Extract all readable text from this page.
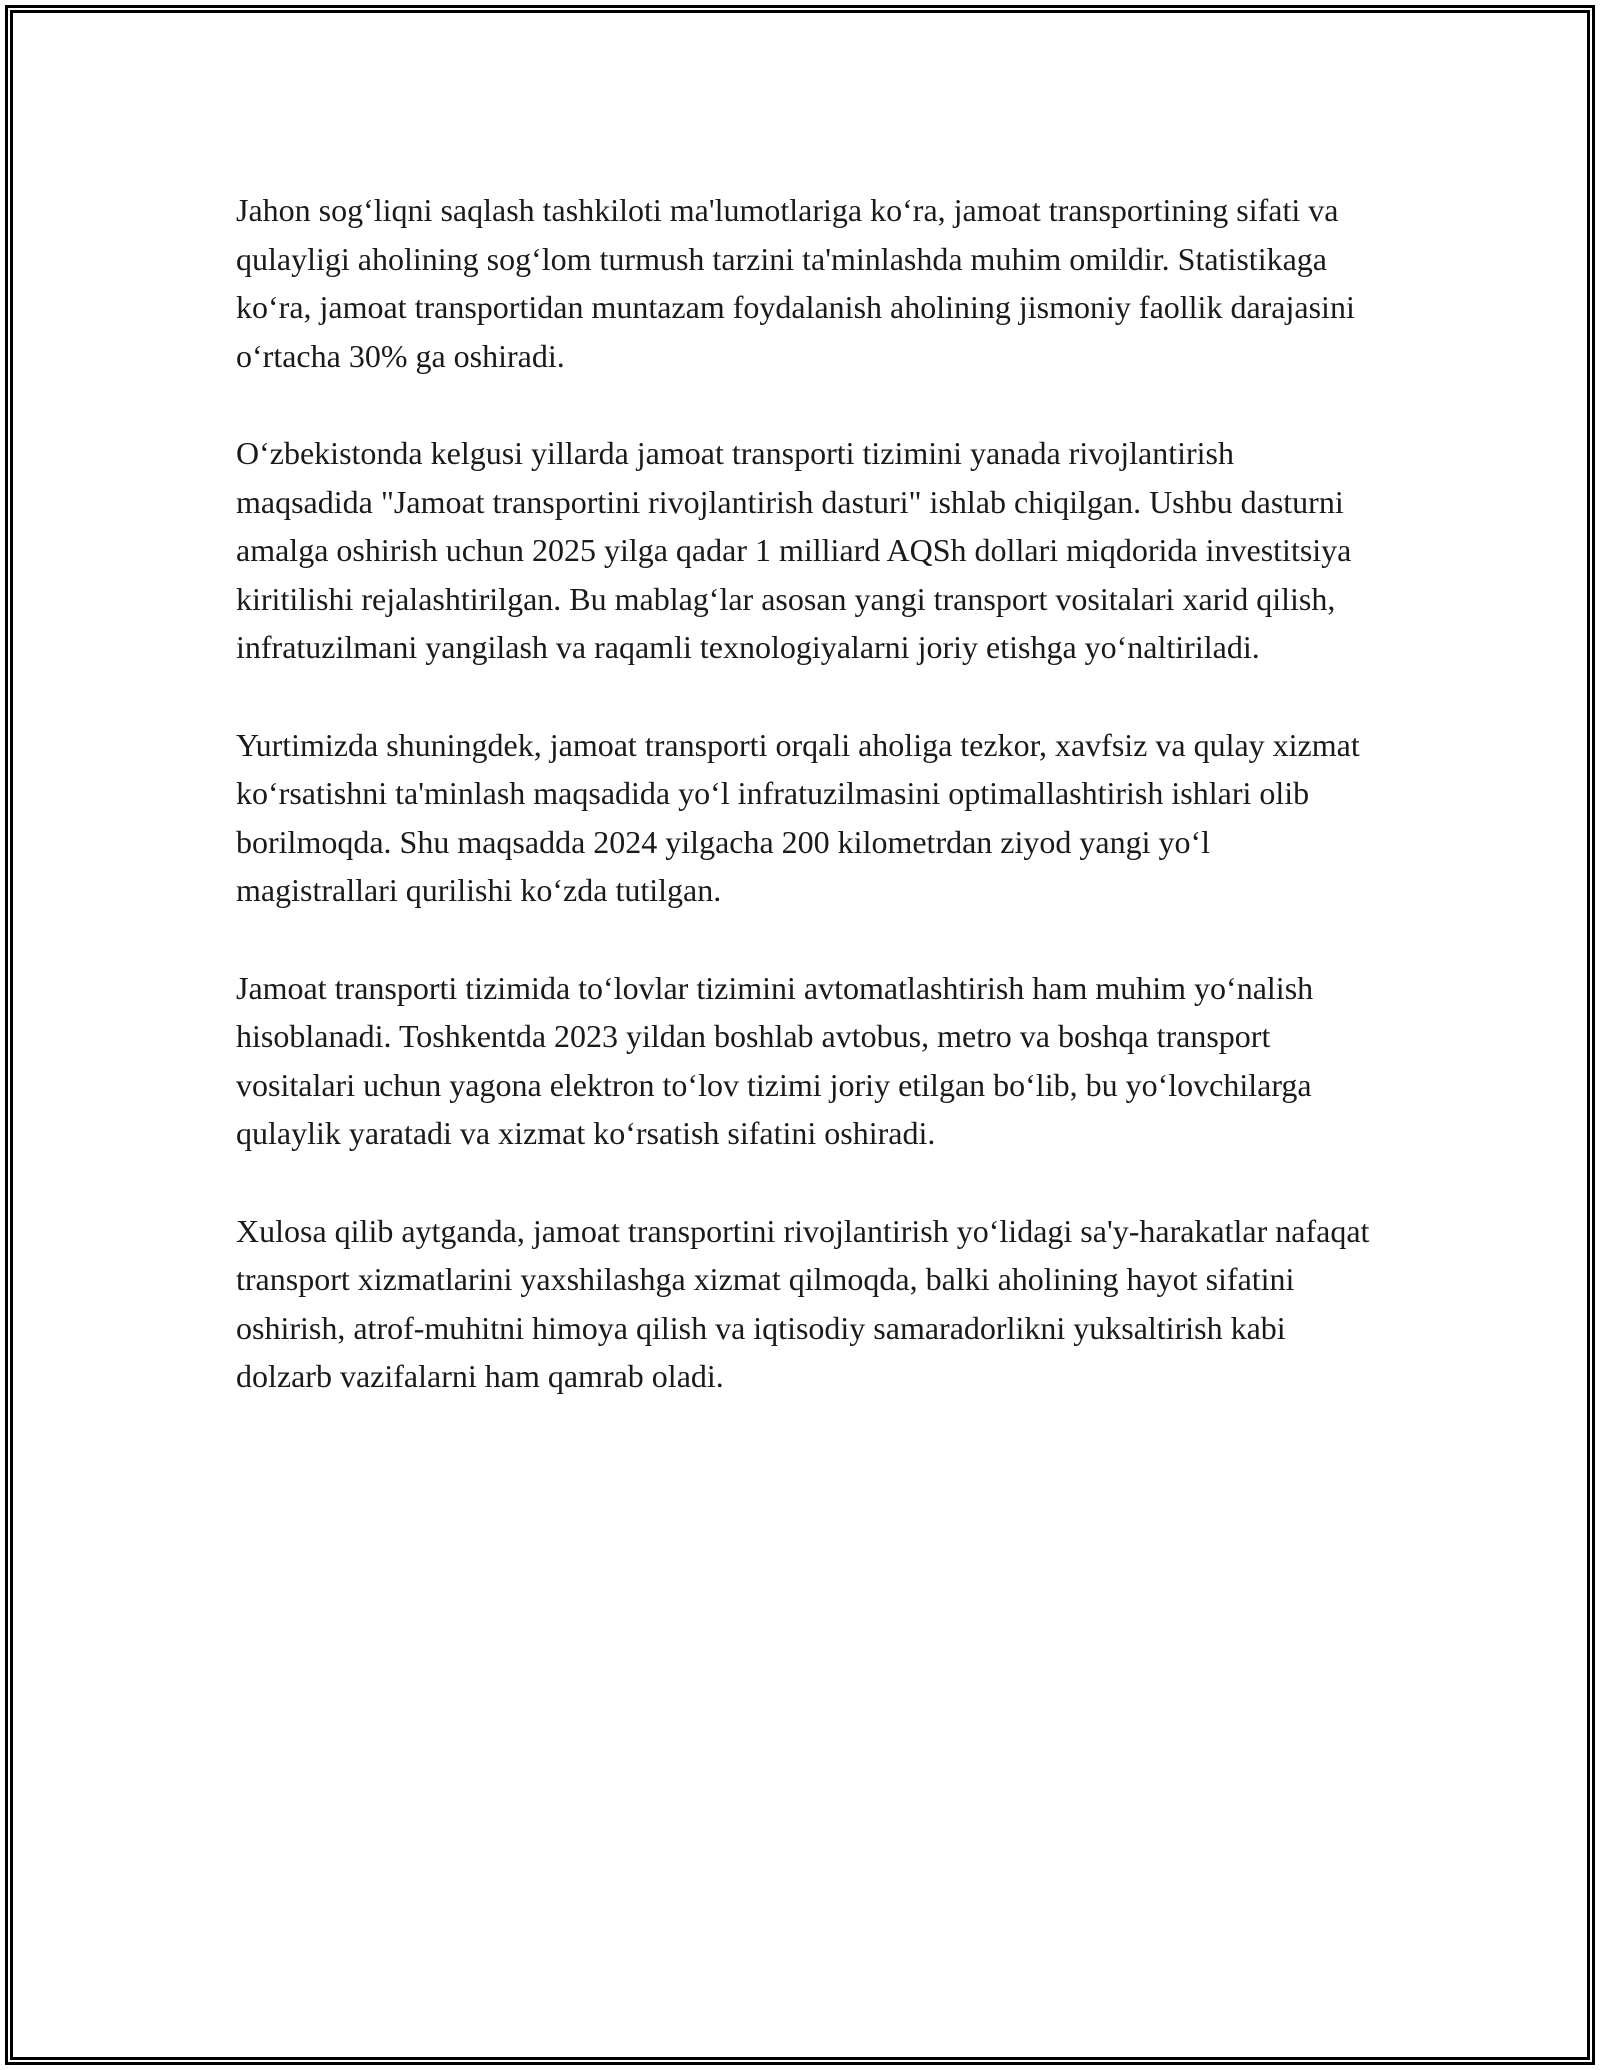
Jahon sog‘liqni saqlash tashkiloti ma'lumotlariga ko‘ra, jamoat transportining sifati va qulayligi aholining sog‘lom turmush tarzini ta'minlashda muhim omildir. Statistikaga ko‘ra, jamoat transportidan muntazam foydalanish aholining jismoniy faollik darajasini o‘rtacha 30% ga oshiradi.

O‘zbekistonda kelgusi yillarda jamoat transporti tizimini yanada rivojlantirish maqsadida "Jamoat transportini rivojlantirish dasturi" ishlab chiqilgan. Ushbu dasturni amalga oshirish uchun 2025 yilga qadar 1 milliard AQSh dollari miqdorida investitsiya kiritilishi rejalashtirilgan. Bu mablag‘lar asosan yangi transport vositalari xarid qilish, infratuzilmani yangilash va raqamli texnologiyalarni joriy etishga yo‘naltiriladi.

Yurtimizda shuningdek, jamoat transporti orqali aholiga tezkor, xavfsiz va qulay xizmat ko‘rsatishni ta'minlash maqsadida yo‘l infratuzilmasini optimallashtirish ishlari olib borilmoqda. Shu maqsadda 2024 yilgacha 200 kilometrdan ziyod yangi yo‘l magistrallari qurilishi ko‘zda tutilgan.

Jamoat transporti tizimida to‘lovlar tizimini avtomatlashtirish ham muhim yo‘nalish hisoblanadi. Toshkentda 2023 yildan boshlab avtobus, metro va boshqa transport vositalari uchun yagona elektron to‘lov tizimi joriy etilgan bo‘lib, bu yo‘lovchilarga qulaylik yaratadi va xizmat ko‘rsatish sifatini oshiradi.

Xulosa qilib aytganda, jamoat transportini rivojlantirish yo‘lidagi sa'y-harakatlar nafaqat transport xizmatlarini yaxshilashga xizmat qilmoqda, balki aholining hayot sifatini oshirish, atrof-muhitni himoya qilish va iqtisodiy samaradorlikni yuksaltirish kabi dolzarb vazifalarni ham qamrab oladi.
